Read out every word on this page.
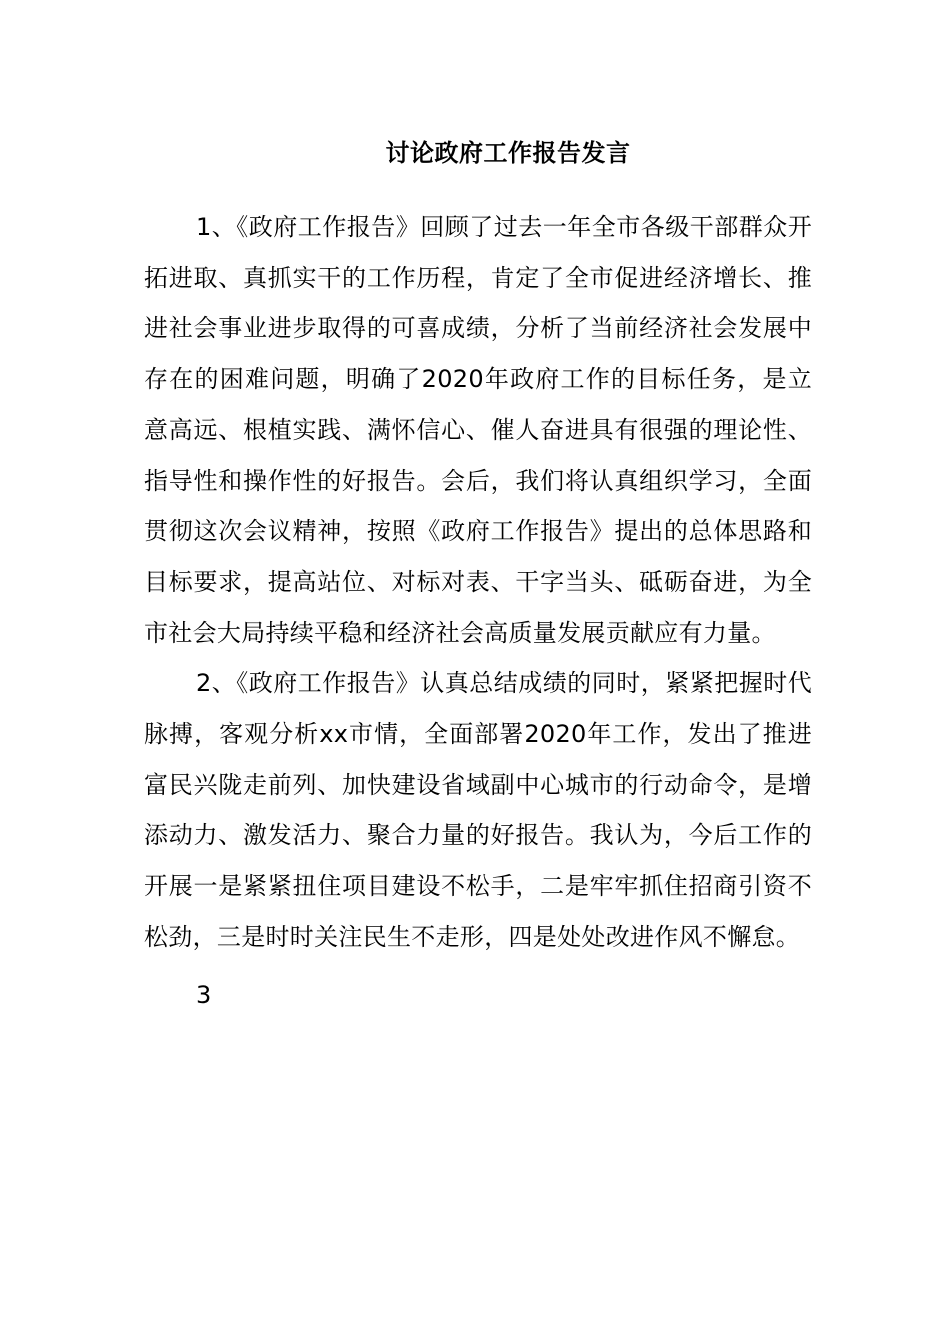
讨论政府工作报告发言

1、《政府工作报告》回顾了过去一年全市各级干部群众开拓进取、真抓实干的工作历程，肯定了全市促进经济增长、推进社会事业进步取得的可喜成绩，分析了当前经济社会发展中存在的困难问题，明确了2020年政府工作的目标任务，是立意高远、根植实践、满怀信心、催人奋进具有很强的理论性、指导性和操作性的好报告。会后，我们将认真组织学习，全面贯彻这次会议精神，按照《政府工作报告》提出的总体思路和目标要求，提高站位、对标对表、干字当头、砥砺奋进，为全市社会大局持续平稳和经济社会高质量发展贡献应有力量。

2、《政府工作报告》认真总结成绩的同时，紧紧把握时代脉搏，客观分析xx市情，全面部署2020年工作，发出了推进富民兴陇走前列、加快建设省域副中心城市的行动命令，是增添动力、激发活力、聚合力量的好报告。我认为，今后工作的开展一是紧紧扭住项目建设不松手，二是牢牢抓住招商引资不松劲，三是时时关注民生不走形，四是处处改进作风不懈怠。

3
